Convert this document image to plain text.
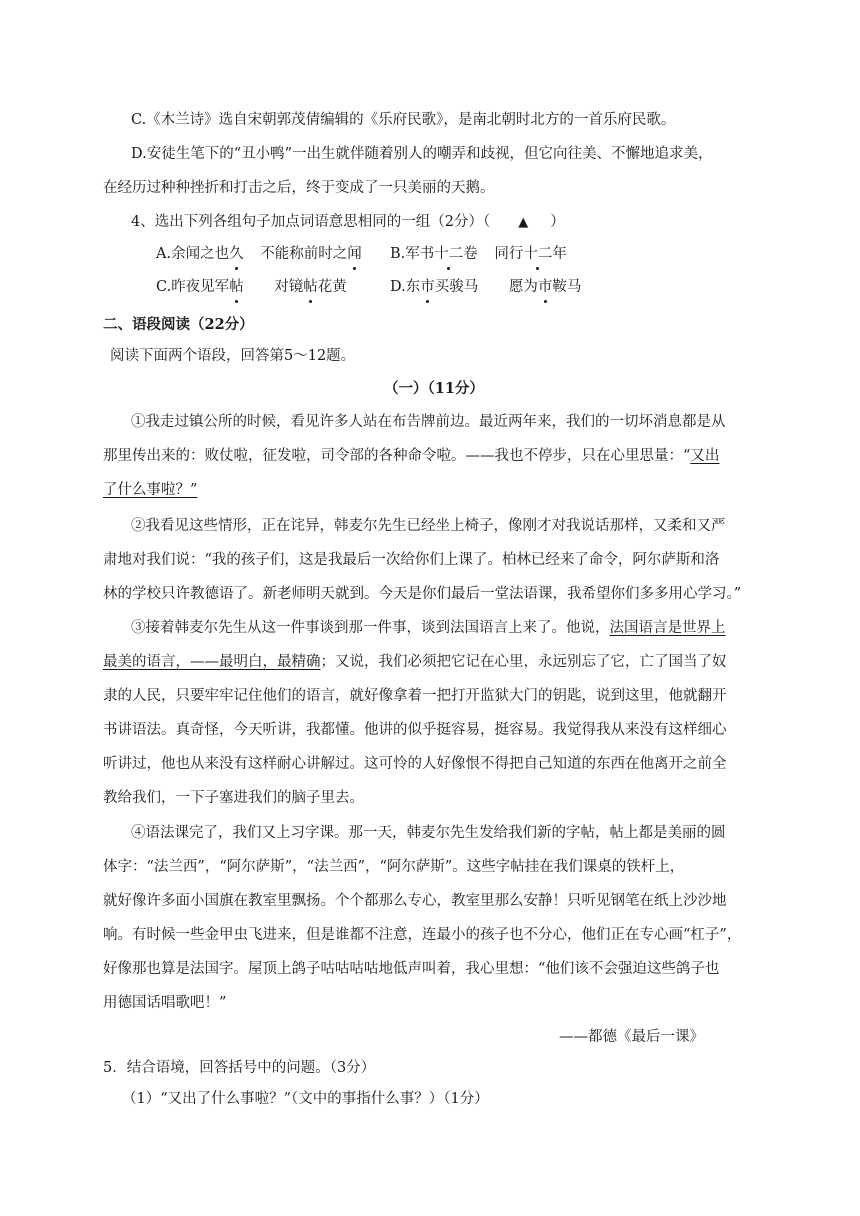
C.《木兰诗》选自宋朝郭茂倩编辑的《乐府民歌》，是南北朝时北方的一首乐府民歌。
D.安徒生笔下的“丑小鸭”一出生就伴随着别人的嘲弄和歧视，但它向往美、不懈地追求美，
在经历过种种挫折和打击之后，终于变成了一只美丽的天鹅。
4、选出下列各组句子加点词语意思相同的一组（2分）（ ▲ ）
A.余闻之也久 不能称前时之闻 B.军书十二卷 同行十二年
C.昨夜见军帖 对镜帖花黄	D.东市买骏马 愿为市鞍马
二、语段阅读（22分）
阅读下面两个语段，回答第5～12题。
（一）（11分）
①我走过镇公所的时候，看见许多人站在布告牌前边。最近两年来，我们的一切坏消息都是从
那里传出来的：败仗啦，征发啦，司令部的各种命令啦。——我也不停步，只在心里思量：“又出
了什么事啦？”
②我看见这些情形，正在诧异，韩麦尔先生已经坐上椅子，像刚才对我说话那样，又柔和又严
肃地对我们说：“我的孩子们，这是我最后一次给你们上课了。柏林已经来了命令，阿尔萨斯和洛
林的学校只许教德语了。新老师明天就到。今天是你们最后一堂法语课，我希望你们多多用心学习。”
③接着韩麦尔先生从这一件事谈到那一件事，谈到法国语言上来了。他说，法国语言是世界上
最美的语言，——最明白，最精确；又说，我们必须把它记在心里，永远别忘了它，亡了国当了奴
隶的人民，只要牢牢记住他们的语言，就好像拿着一把打开监狱大门的钥匙，说到这里，他就翻开
书讲语法。真奇怪，今天听讲，我都懂。他讲的似乎挺容易，挺容易。我觉得我从来没有这样细心
听讲过，他也从来没有这样耐心讲解过。这可怜的人好像恨不得把自己知道的东西在他离开之前全
教给我们，一下子塞进我们的脑子里去。
④语法课完了，我们又上习字课。那一天，韩麦尔先生发给我们新的字帖，帖上都是美丽的圆
体字：“法兰西”，“阿尔萨斯”，“法兰西”，“阿尔萨斯”。这些字帖挂在我们课桌的铁杆上，
就好像许多面小国旗在教室里飘扬。个个都那么专心，教室里那么安静！只听见钢笔在纸上沙沙地
响。有时候一些金甲虫飞进来，但是谁都不注意，连最小的孩子也不分心，他们正在专心画“杠子”，
好像那也算是法国字。屋顶上鸽子咕咕咕咕地低声叫着，我心里想：“他们该不会强迫这些鸽子也
用德国话唱歌吧！”
——都德《最后一课》
5．结合语境，回答括号中的问题。（3分）
（1）“又出了什么事啦？”（文中的事指什么事？）（1分）
